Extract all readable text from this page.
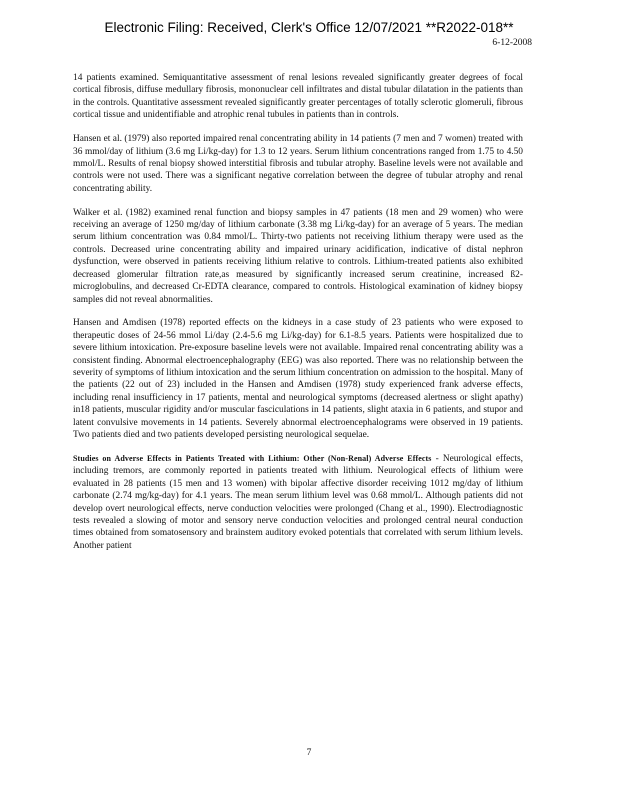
Electronic Filing: Received, Clerk's Office 12/07/2021 **R2022-018**
6-12-2008

14 patients examined. Semiquantitative assessment of renal lesions revealed significantly greater degrees of focal cortical fibrosis, diffuse medullary fibrosis, mononuclear cell infiltrates and distal tubular dilatation in the patients than in the controls. Quantitative assessment revealed significantly greater percentages of totally sclerotic glomeruli, fibrous cortical tissue and unidentifiable and atrophic renal tubules in patients than in controls.

Hansen et al. (1979) also reported impaired renal concentrating ability in 14 patients (7 men and 7 women) treated with 36 mmol/day of lithium (3.6 mg Li/kg-day) for 1.3 to 12 years. Serum lithium concentrations ranged from 1.75 to 4.50 mmol/L. Results of renal biopsy showed interstitial fibrosis and tubular atrophy. Baseline levels were not available and controls were not used. There was a significant negative correlation between the degree of tubular atrophy and renal concentrating ability.

Walker et al. (1982) examined renal function and biopsy samples in 47 patients (18 men and 29 women) who were receiving an average of 1250 mg/day of lithium carbonate (3.38 mg Li/kg-day) for an average of 5 years. The median serum lithium concentration was 0.84 mmol/L. Thirty-two patients not receiving lithium therapy were used as the controls. Decreased urine concentrating ability and impaired urinary acidification, indicative of distal nephron dysfunction, were observed in patients receiving lithium relative to controls. Lithium-treated patients also exhibited decreased glomerular filtration rate,as measured by significantly increased serum creatinine, increased ß2-microglobulins, and decreased Cr-EDTA clearance, compared to controls. Histological examination of kidney biopsy samples did not reveal abnormalities.

Hansen and Amdisen (1978) reported effects on the kidneys in a case study of 23 patients who were exposed to therapeutic doses of 24-56 mmol Li/day (2.4-5.6 mg Li/kg-day) for 6.1-8.5 years. Patients were hospitalized due to severe lithium intoxication. Pre-exposure baseline levels were not available. Impaired renal concentrating ability was a consistent finding. Abnormal electroencephalography (EEG) was also reported. There was no relationship between the severity of symptoms of lithium intoxication and the serum lithium concentration on admission to the hospital. Many of the patients (22 out of 23) included in the Hansen and Amdisen (1978) study experienced frank adverse effects, including renal insufficiency in 17 patients, mental and neurological symptoms (decreased alertness or slight apathy) in18 patients, muscular rigidity and/or muscular fasciculations in 14 patients, slight ataxia in 6 patients, and stupor and latent convulsive movements in 14 patients. Severely abnormal electroencephalograms were observed in 19 patients. Two patients died and two patients developed persisting neurological sequelae.

Studies on Adverse Effects in Patients Treated with Lithium: Other (Non-Renal) Adverse Effects - Neurological effects, including tremors, are commonly reported in patients treated with lithium. Neurological effects of lithium were evaluated in 28 patients (15 men and 13 women) with bipolar affective disorder receiving 1012 mg/day of lithium carbonate (2.74 mg/kg-day) for 4.1 years. The mean serum lithium level was 0.68 mmol/L. Although patients did not develop overt neurological effects, nerve conduction velocities were prolonged (Chang et al., 1990). Electrodiagnostic tests revealed a slowing of motor and sensory nerve conduction velocities and prolonged central neural conduction times obtained from somatosensory and brainstem auditory evoked potentials that correlated with serum lithium levels. Another patient

7
